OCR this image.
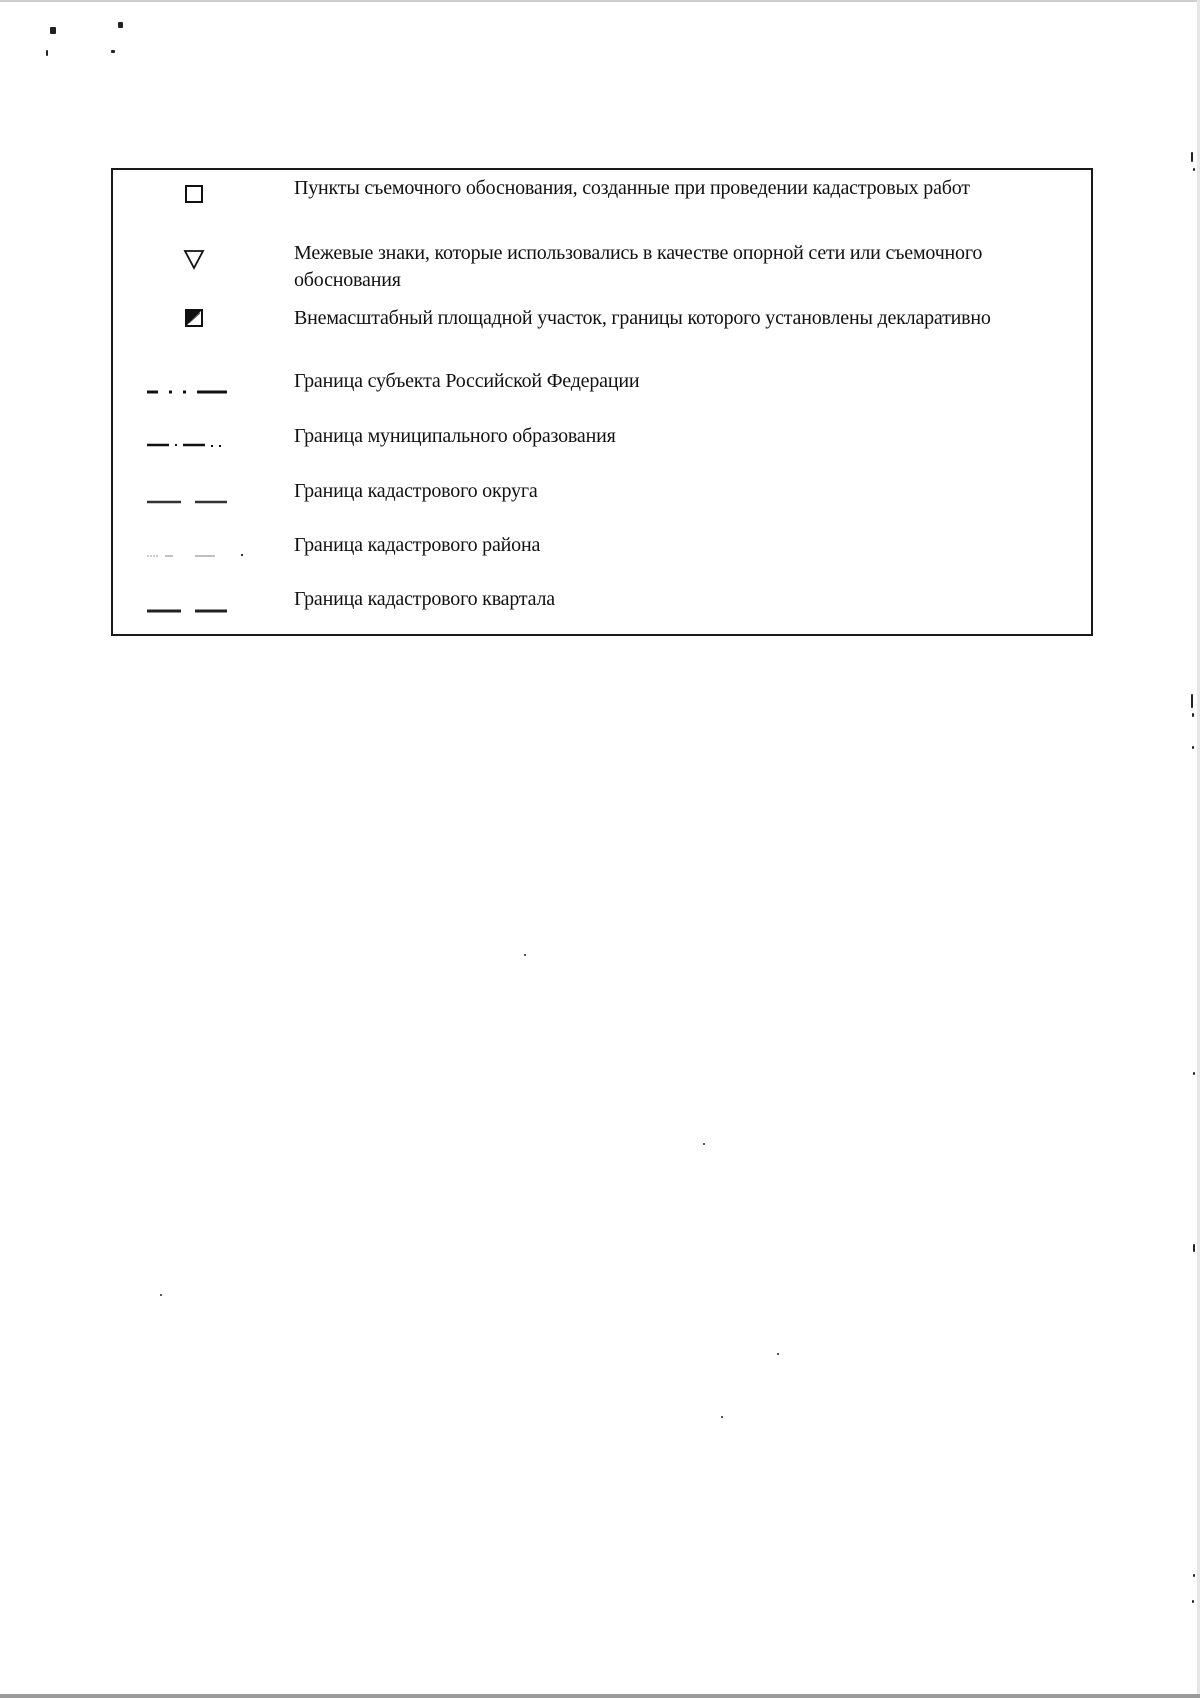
Пункты съемочного обоснования, созданные при проведении кадастровых работ
Межевые знаки, которые использовались в качестве опорной сети или съемочного обоснования
Внемасштабный площадной участок, границы которого установлены декларативно
Граница субъекта Российской Федерации
Граница муниципального образования
Граница кадастрового округа
Граница кадастрового района
Граница кадастрового квартала
